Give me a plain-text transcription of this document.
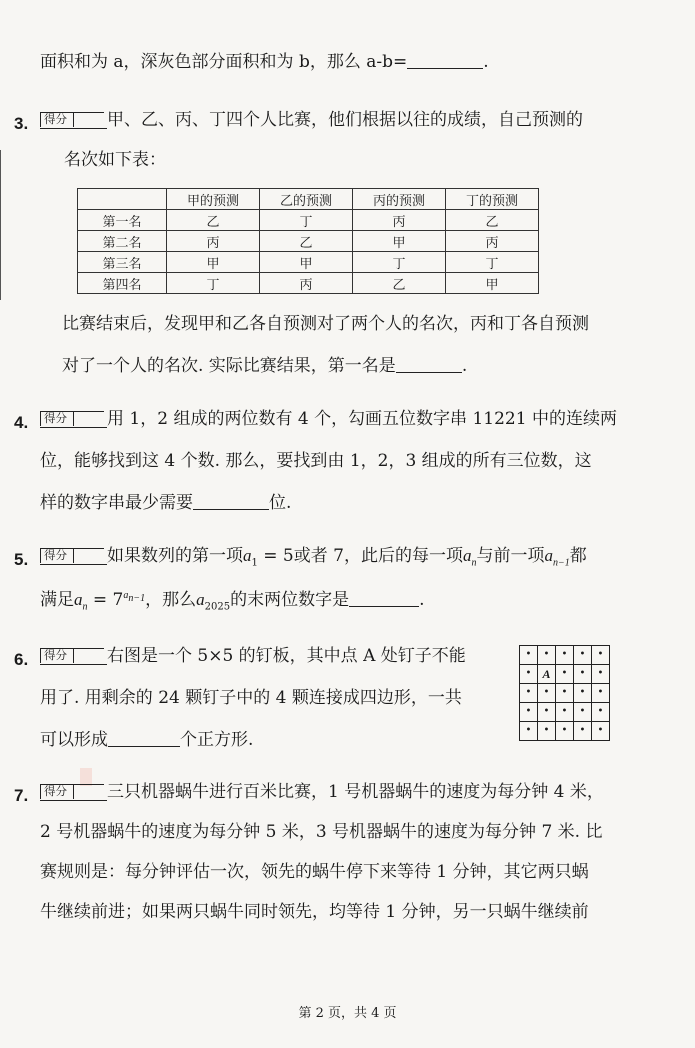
面积和为 a，深灰色部分面积和为 b，那么 a-b=	.
3.	得分 甲、乙、丙、丁四个人比赛，他们根据以往的成绩，自己预测的
名次如下表：
	甲的预测	乙的预测	丙的预测	丁的预测
第一名	乙	丁	丙	乙
第二名	丙	乙	甲	丙
第三名	甲	甲	丁	丁
第四名	丁	丙	乙	甲
比赛结束后，发现甲和乙各自预测对了两个人的名次，丙和丁各自预测
对了一个人的名次. 实际比赛结果，第一名是	.
4.	得分 用 1，2 组成的两位数有 4 个，勾画五位数字串 11221 中的连续两
位，能够找到这 4 个数. 那么，要找到由 1，2，3 组成的所有三位数，这
样的数字串最少需要	位.
5.	得分 如果数列的第一项$a_1 = 5$或者 7，此后的每一项$a_n$与前一项$a_{n-1}$都
满足$a_n = 7^{a_{n-1}}$，那么$a_{2025}$的末两位数字是	.
6.	得分 右图是一个 5×5 的钉板，其中点 A 处钉子不能
用了. 用剩余的 24 颗钉子中的 4 颗连接成四边形，一共
可以形成	个正方形.
•	•	•	•	•
•	A	•	•	•
•	•	•	•	•
•	•	•	•	•
•	•	•	•	•
7.	得分 三只机器蜗牛进行百米比赛，1 号机器蜗牛的速度为每分钟 4 米，
2 号机器蜗牛的速度为每分钟 5 米，3 号机器蜗牛的速度为每分钟 7 米. 比
赛规则是：每分钟评估一次，领先的蜗牛停下来等待 1 分钟，其它两只蜗
牛继续前进；如果两只蜗牛同时领先，均等待 1 分钟，另一只蜗牛继续前
第 2 页，共 4 页
